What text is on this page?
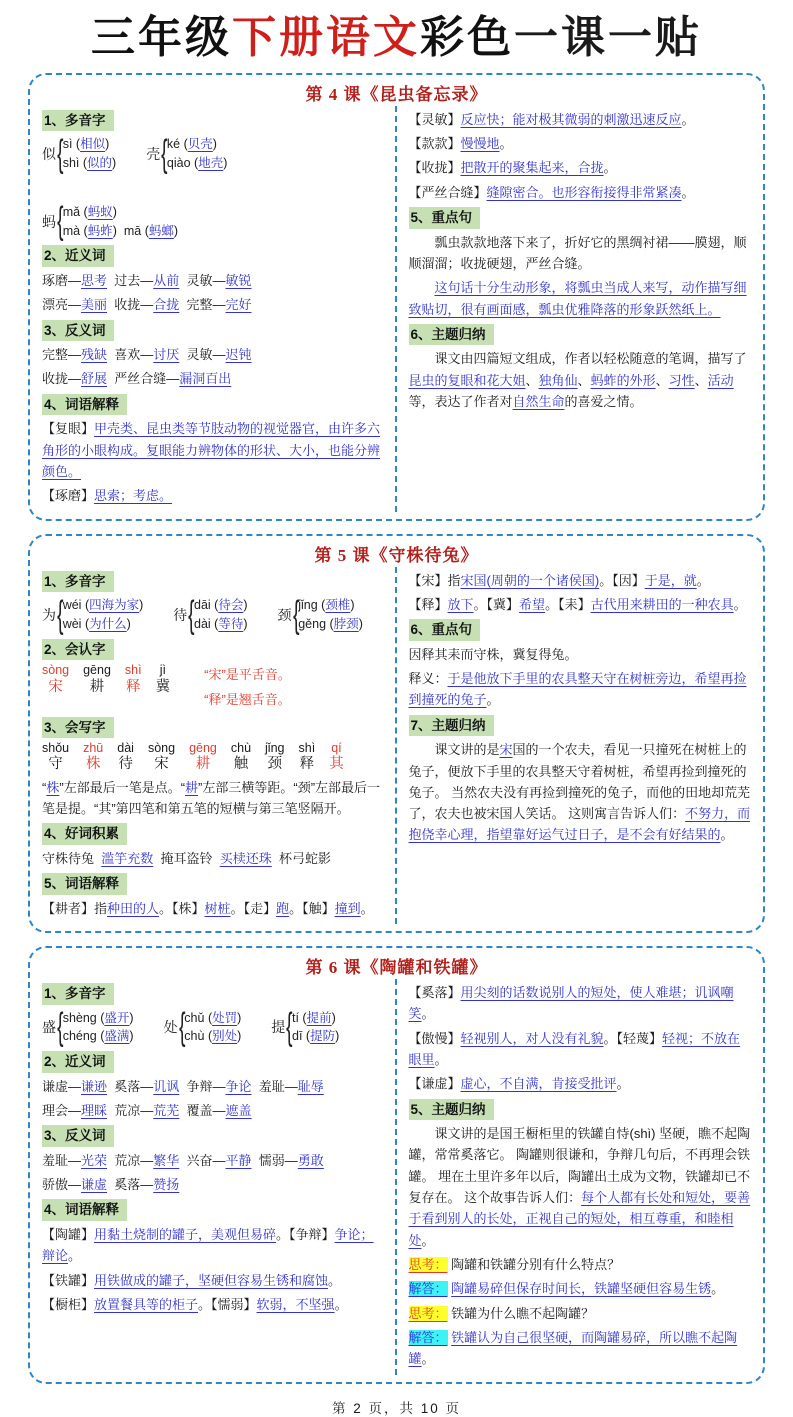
三年级下册语文彩色一课一贴
第 4 课《昆虫备忘录》
1、多音字
似 { sì (相似)
shì (似的)
壳 { ké (贝壳)
qiào (地壳)
蚂 { mǎ (蚂蚁)
mà (蚂蚱) mā (蚂螂)
2、近义词

琢磨—思考  过去—从前  灵敏—敏锐

漂亮—美丽  收拢—合拢  完整—完好

3、反义词

完整—残缺  喜欢—讨厌  灵敏—迟钝

收拢—舒展  严丝合缝—漏洞百出

4、词语解释

【复眼】甲壳类、昆虫类等节肢动物的视觉器官，由许多六角形的小眼构成。复眼能力辨物体的形状、大小，也能分辨颜色。

【琢磨】思索；考虑。

【灵敏】反应快；能对极其微弱的刺激迅速反应。

【款款】慢慢地。

【收拢】把散开的聚集起来，合拢。

【严丝合缝】缝隙密合。也形容衔接得非常紧凑。

5、重点句

瓢虫款款地落下来了，折好它的黑绸衬裙——膜翅，顺顺溜溜；收拢硬翅，严丝合缝。

这句话十分生动形象，将瓢虫当成人来写，动作描写细致贴切，很有画面感，瓢虫优雅降落的形象跃然纸上。

6、主题归纳

课文由四篇短文组成，作者以轻松随意的笔调，描写了昆虫的复眼和花大姐、独角仙、蚂蚱的外形、习性、活动等，表达了作者对自然生命的喜爱之情。

第 5 课《守株待兔》
1、多音字
为 { wéi (四海为家)
wèi (为什么)
待 { dāi (待会)
dài (等待)
颈 { jǐng (颈椎)
gěng (脖颈)
2、会认字
sòng
宋
gēng
耕
shì
释
jì
冀
“宋”是平舌音。
“释”是翘舌音。
3、会写字
shǒu
守
zhū
株
dài
待
sòng
宋
gēng
耕
chù
触
jǐng
颈
shì
释
qí
其

“株”左部最后一笔是点。“耕”左部三横等距。“颈”左部最后一笔是提。“其”第四笔和第五笔的短横与第三笔竖隔开。

4、好词积累

守株待兔  滥竽充数  掩耳盗铃  买椟还珠  杯弓蛇影

5、词语解释

【耕者】指种田的人。【株】树桩。【走】跑。【触】撞到。

【宋】指宋国(周朝的一个诸侯国)。【因】于是，就。

【释】放下。【冀】希望。【耒】古代用来耕田的一种农具。

6、重点句

因释其耒而守株，冀复得兔。

释义：于是他放下手里的农具整天守在树桩旁边，希望再捡到撞死的兔子。

7、主题归纳

课文讲的是宋国的一个农夫，看见一只撞死在树桩上的兔子，便放下手里的农具整天守着树桩，希望再捡到撞死的兔子。 当然农夫没有再捡到撞死的兔子，而他的田地却荒芜了，农夫也被宋国人笑话。 这则寓言告诉人们：不努力，而抱侥幸心理，指望靠好运气过日子，是不会有好结果的。

第 6 课《陶罐和铁罐》
1、多音字
盛 { shèng (盛开)
chéng (盛满)
处 { chǔ (处罚)
chù (别处)
提 { tí (提前)
dī (提防)
2、近义词

谦虚—谦逊  奚落—讥讽  争辩—争论  羞耻—耻辱

理会—理睬  荒凉—荒芜  覆盖—遮盖

3、反义词

羞耻—光荣  荒凉—繁华  兴奋—平静  懦弱—勇敢

骄傲—谦虚  奚落—赞扬

4、词语解释

【陶罐】用黏土烧制的罐子，美观但易碎。【争辩】争论；辩论。

【铁罐】用铁做成的罐子，坚硬但容易生锈和腐蚀。

【橱柜】放置餐具等的柜子。【懦弱】软弱，不坚强。

【奚落】用尖刻的话数说别人的短处，使人难堪；讥讽嘲笑。

【傲慢】轻视别人，对人没有礼貌。【轻蔑】轻视；不放在眼里。

【谦虚】虚心，不自满，肯接受批评。

5、主题归纳

课文讲的是国王橱柜里的铁罐自恃(shì) 坚硬，瞧不起陶罐，常常奚落它。 陶罐则很谦和，争辩几句后，不再理会铁罐。 埋在土里许多年以后，陶罐出土成为文物，铁罐却已不复存在。 这个故事告诉人们：每个人都有长处和短处，要善于看到别人的长处，正视自己的短处，相互尊重，和睦相处。

思考： 陶罐和铁罐分别有什么特点？

解答： 陶罐易碎但保存时间长，铁罐坚硬但容易生锈。

思考： 铁罐为什么瞧不起陶罐？

解答： 铁罐认为自己很坚硬，而陶罐易碎，所以瞧不起陶罐。

第 2 页，共 10 页
